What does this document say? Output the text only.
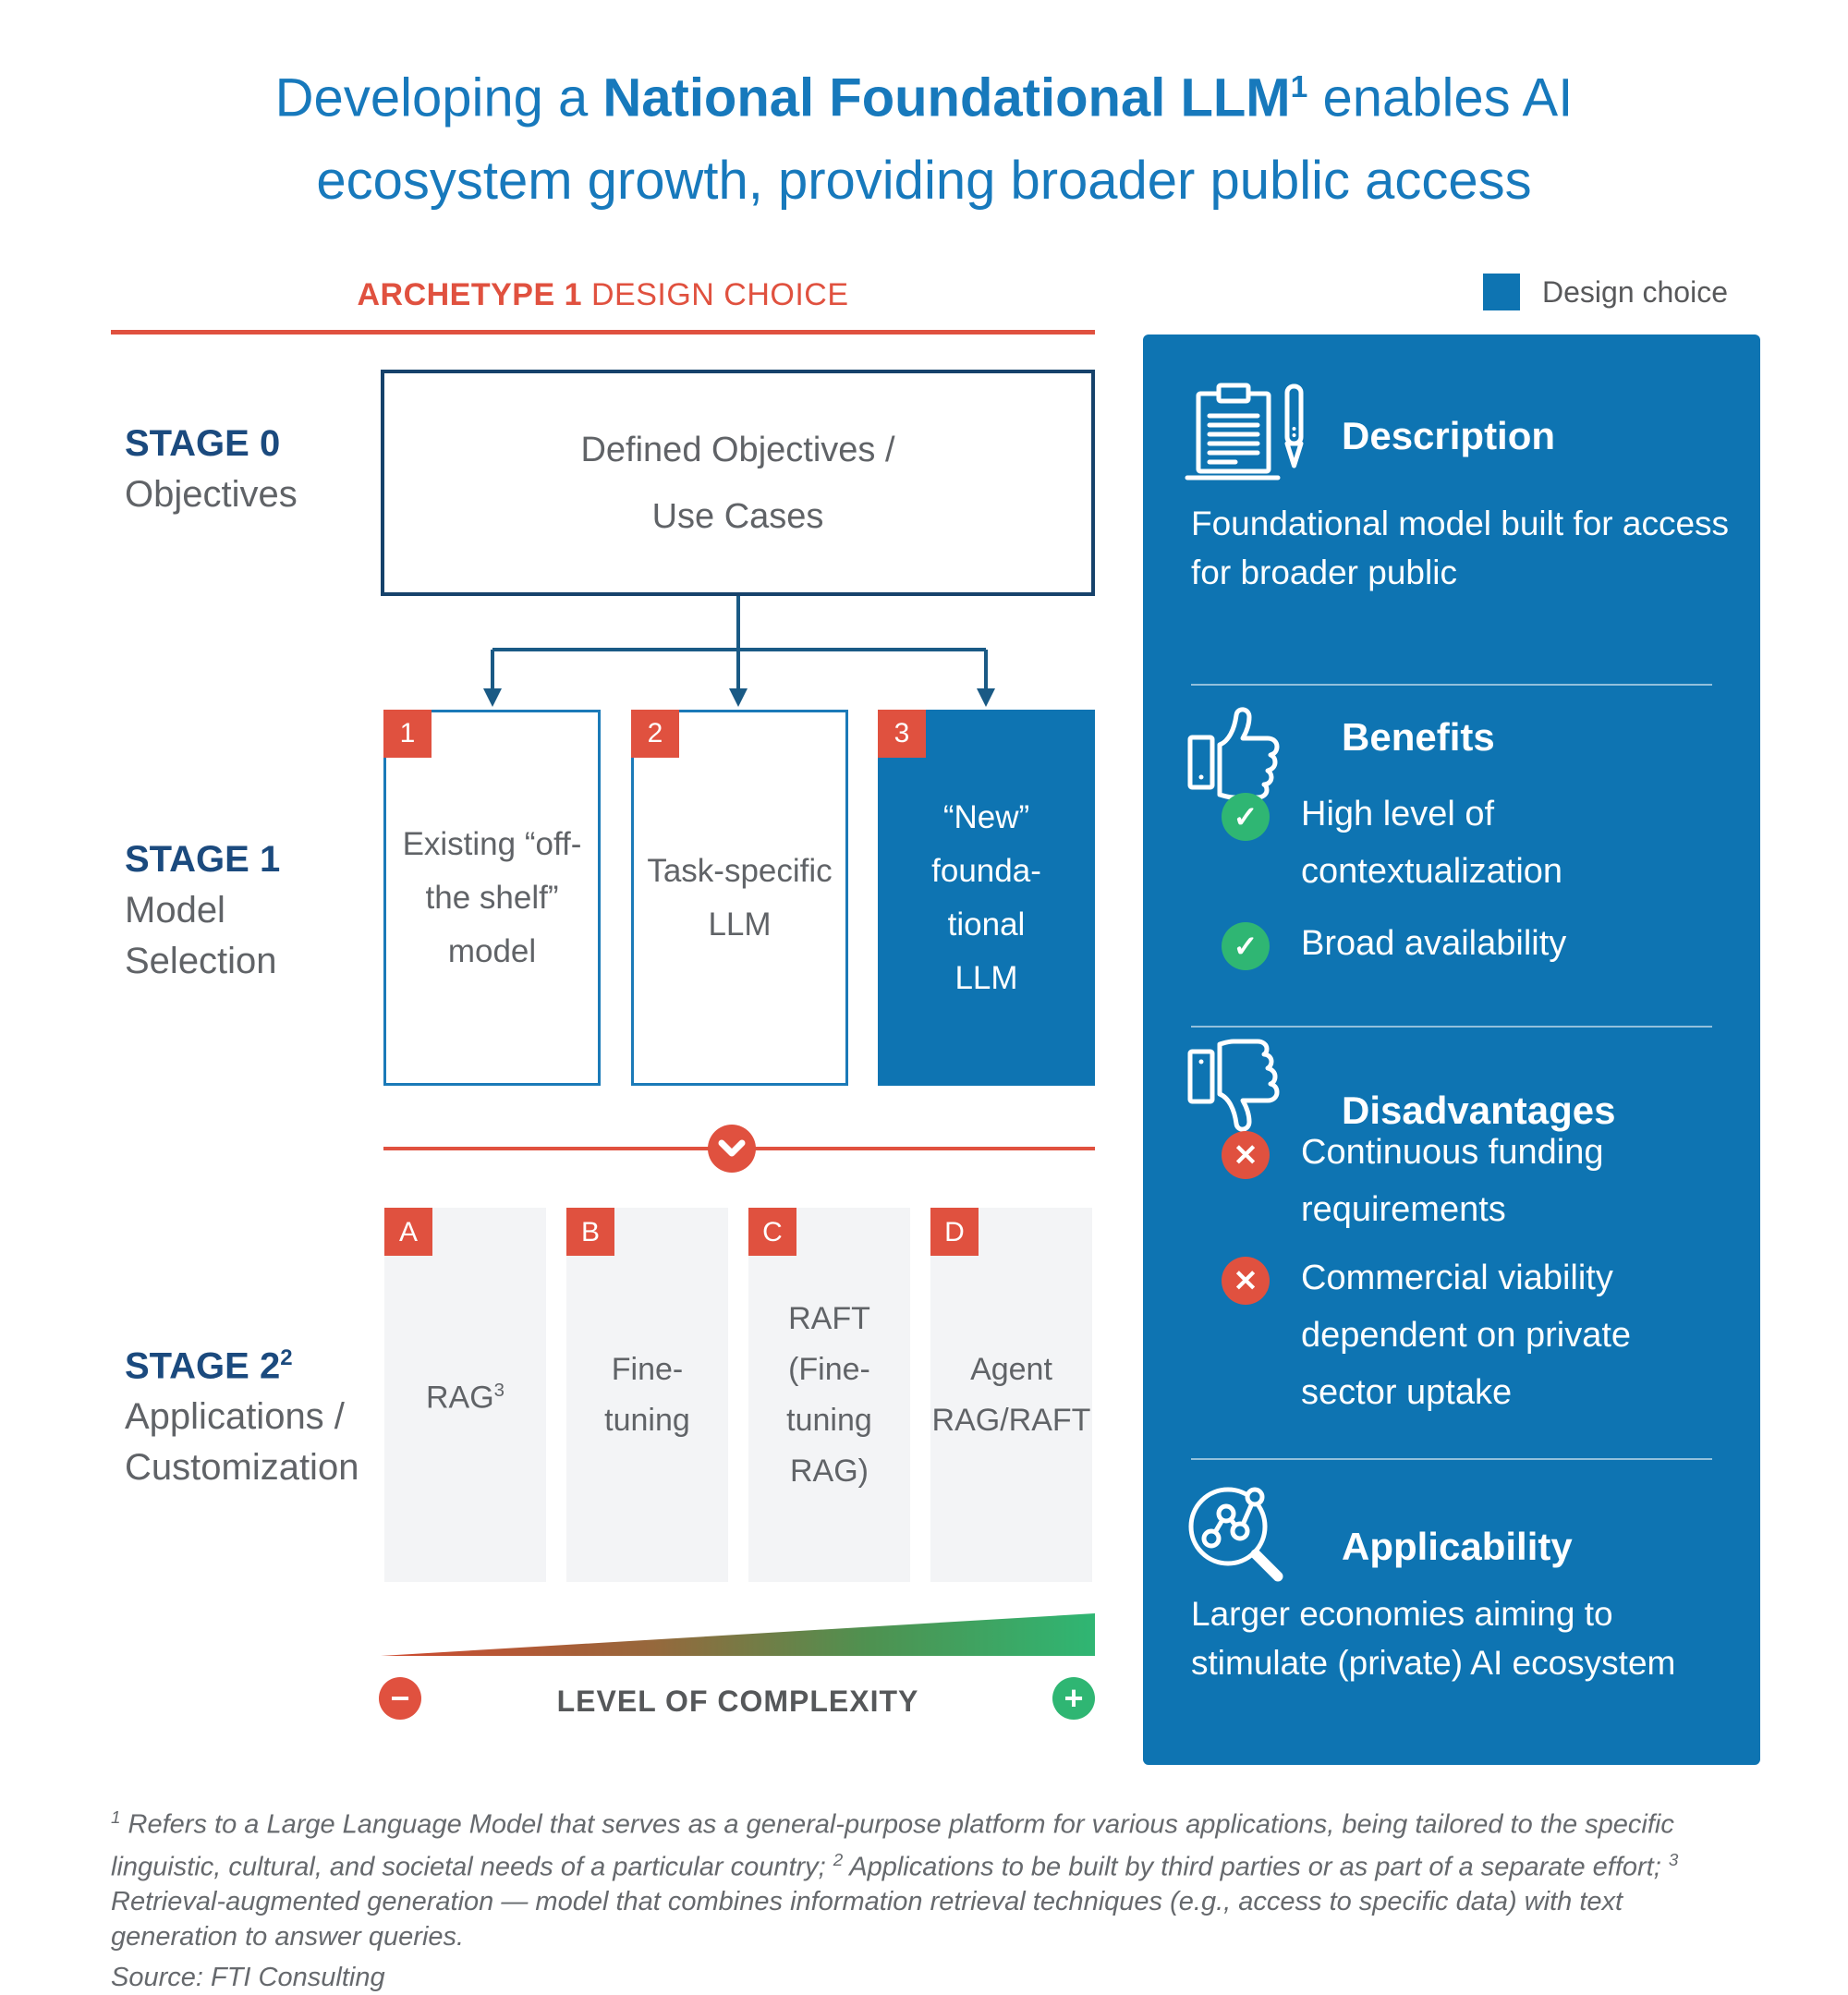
Developing a National Foundational LLM$^1$ enables AI
ecosystem growth, providing broader public access
ARCHETYPE 1 DESIGN CHOICE	Design choice
STAGE 0
Objectives
Defined Objectives /
Use Cases
STAGE 1
Model
Selection
1
Existing “off-
the shelf”
model
2
Task-specific
LLM
3
“New”
founda-
tional
LLM
STAGE $2^2$
Applications /
Customization
A
RAG$^3$
B
Fine-
tuning
C
RAFT
(Fine-
tuning
RAG)
D
Agent
RAG/RAFT
−	LEVEL OF COMPLEXITY	+
Description
Foundational model built for access for broader public
Benefits
✓	High level of
contextualization
✓	Broad availability
Disadvantages
✕	Continuous funding
requirements
✕	Commercial viability
dependent on private
sector uptake
Applicability
Larger economies aiming to stimulate (private) AI ecosystem
$^1$ Refers to a Large Language Model that serves as a general-purpose platform for various applications, being tailored to the specific linguistic, cultural, and societal needs of a particular country; $^2$ Applications to be built by third parties or as part of a separate effort; $^3$ Retrieval-augmented generation — model that combines information retrieval techniques (e.g., access to specific data) with text generation to answer queries.
Source: FTI Consulting
